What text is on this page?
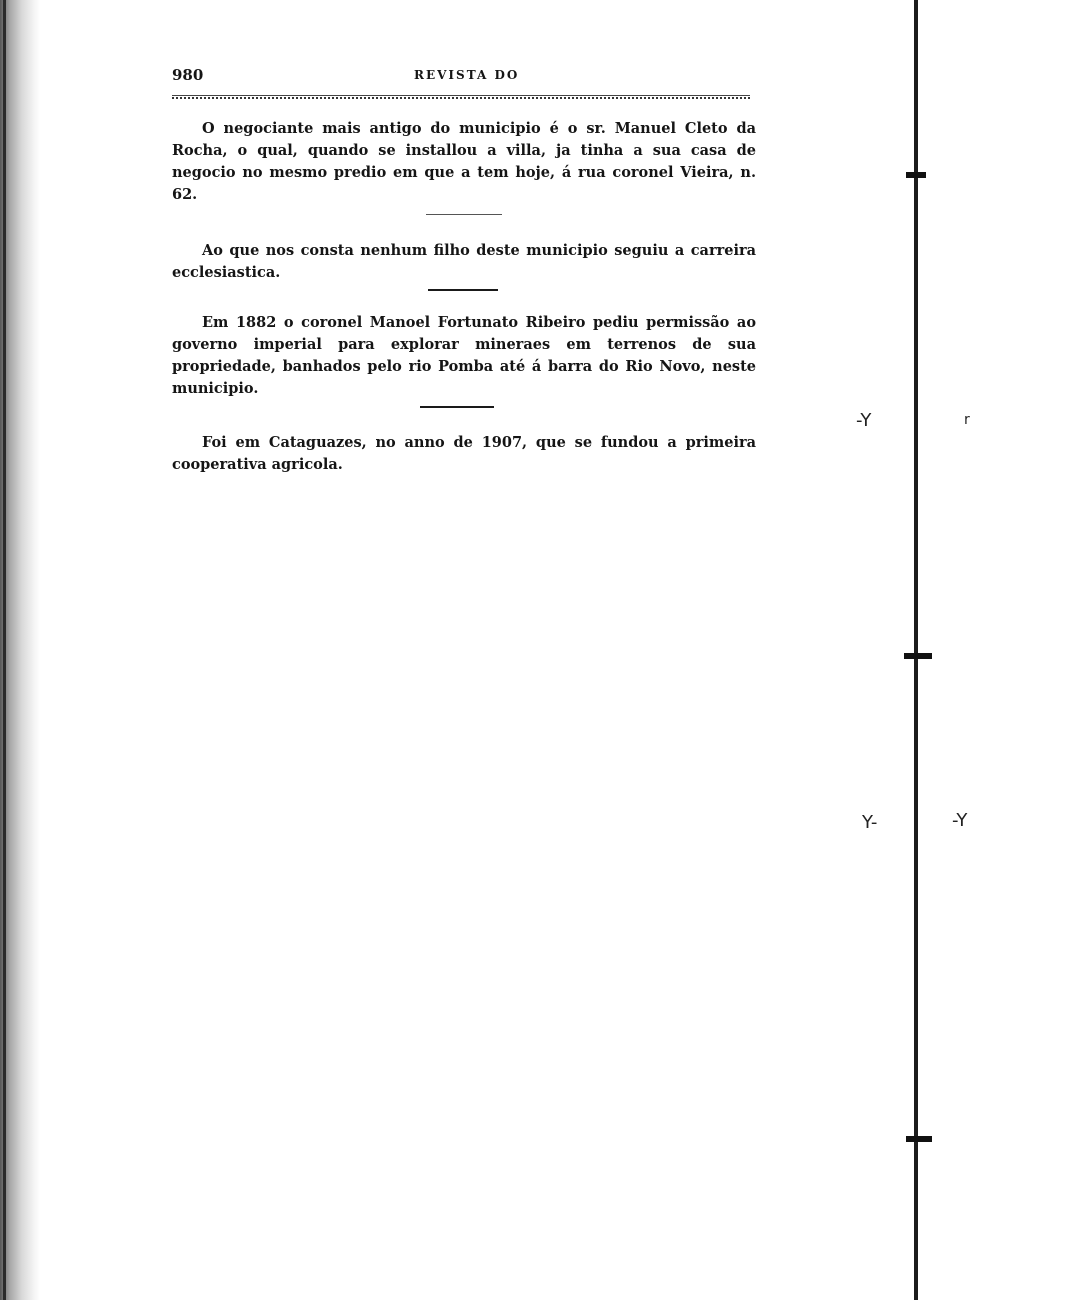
-Y	r
Y-	-Y
980	REVISTA DO

O negociante mais antigo do municipio é o sr. Manuel Cleto da Rocha, o qual, quando se installou a villa, ja tinha a sua casa de negocio no mesmo predio em que a tem hoje, á rua coronel Vieira, n. 62.

Ao que nos consta nenhum filho deste municipio seguiu a carreira ecclesiastica.

Em 1882 o coronel Manoel Fortunato Ribeiro pediu permissão ao governo imperial para explorar mineraes em terrenos de sua propriedade, banhados pelo rio Pomba até á barra do Rio Novo, neste municipio.

Foi em Cataguazes, no anno de 1907, que se fundou a primeira cooperativa agricola.
